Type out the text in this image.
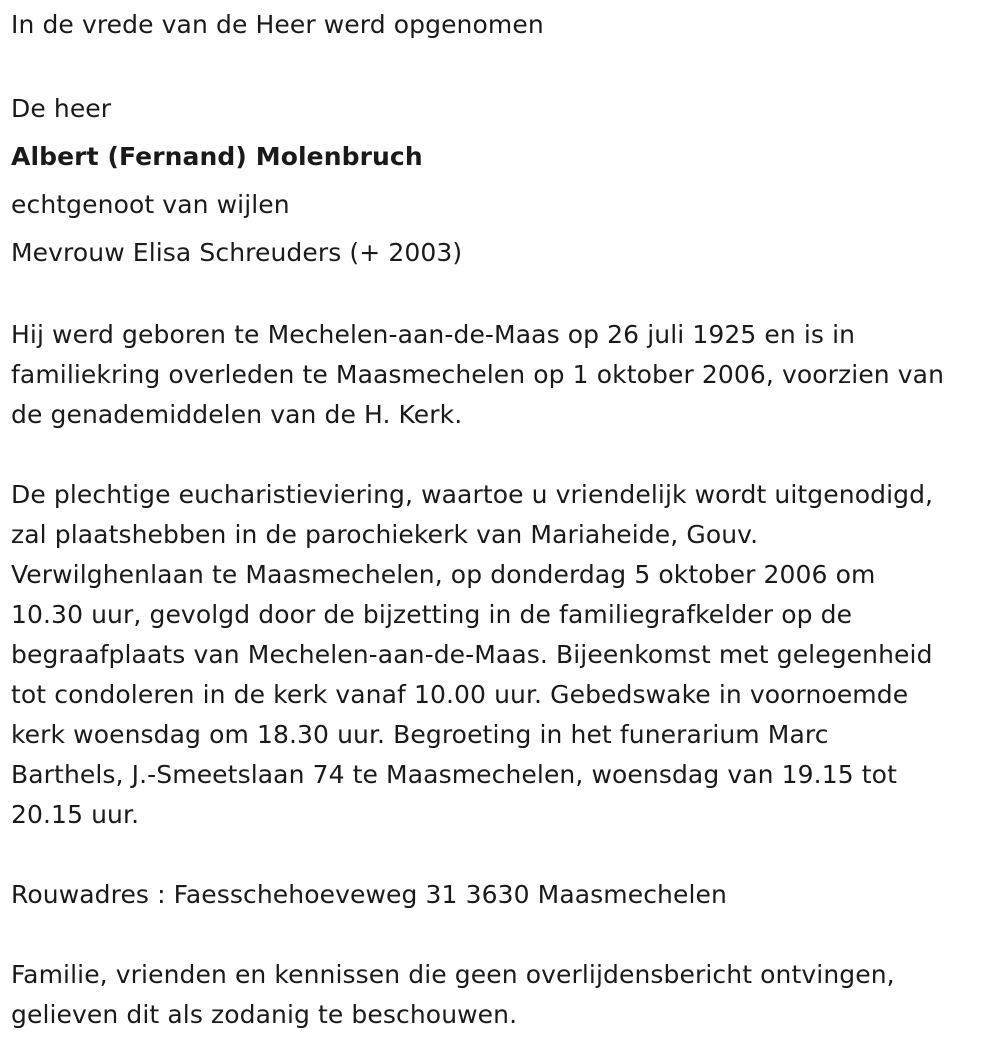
In de vrede van de Heer werd opgenomen
De heer
Albert (Fernand) Molenbruch
echtgenoot van wijlen
Mevrouw Elisa Schreuders (+ 2003)
Hij werd geboren te Mechelen-aan-de-Maas op 26 juli 1925 en is in
familiekring overleden te Maasmechelen op 1 oktober 2006, voorzien van
de genademiddelen van de H. Kerk.
De plechtige eucharistieviering, waartoe u vriendelijk wordt uitgenodigd,
zal plaatshebben in de parochiekerk van Mariaheide, Gouv.
Verwilghenlaan te Maasmechelen, op donderdag 5 oktober 2006 om
10.30 uur, gevolgd door de bijzetting in de familiegrafkelder op de
begraafplaats van Mechelen-aan-de-Maas. Bijeenkomst met gelegenheid
tot condoleren in de kerk vanaf 10.00 uur. Gebedswake in voornoemde
kerk woensdag om 18.30 uur. Begroeting in het funerarium Marc
Barthels, J.-Smeetslaan 74 te Maasmechelen, woensdag van 19.15 tot
20.15 uur.
Rouwadres : Faesschehoeveweg 31 3630 Maasmechelen
Familie, vrienden en kennissen die geen overlijdensbericht ontvingen,
gelieven dit als zodanig te beschouwen.
